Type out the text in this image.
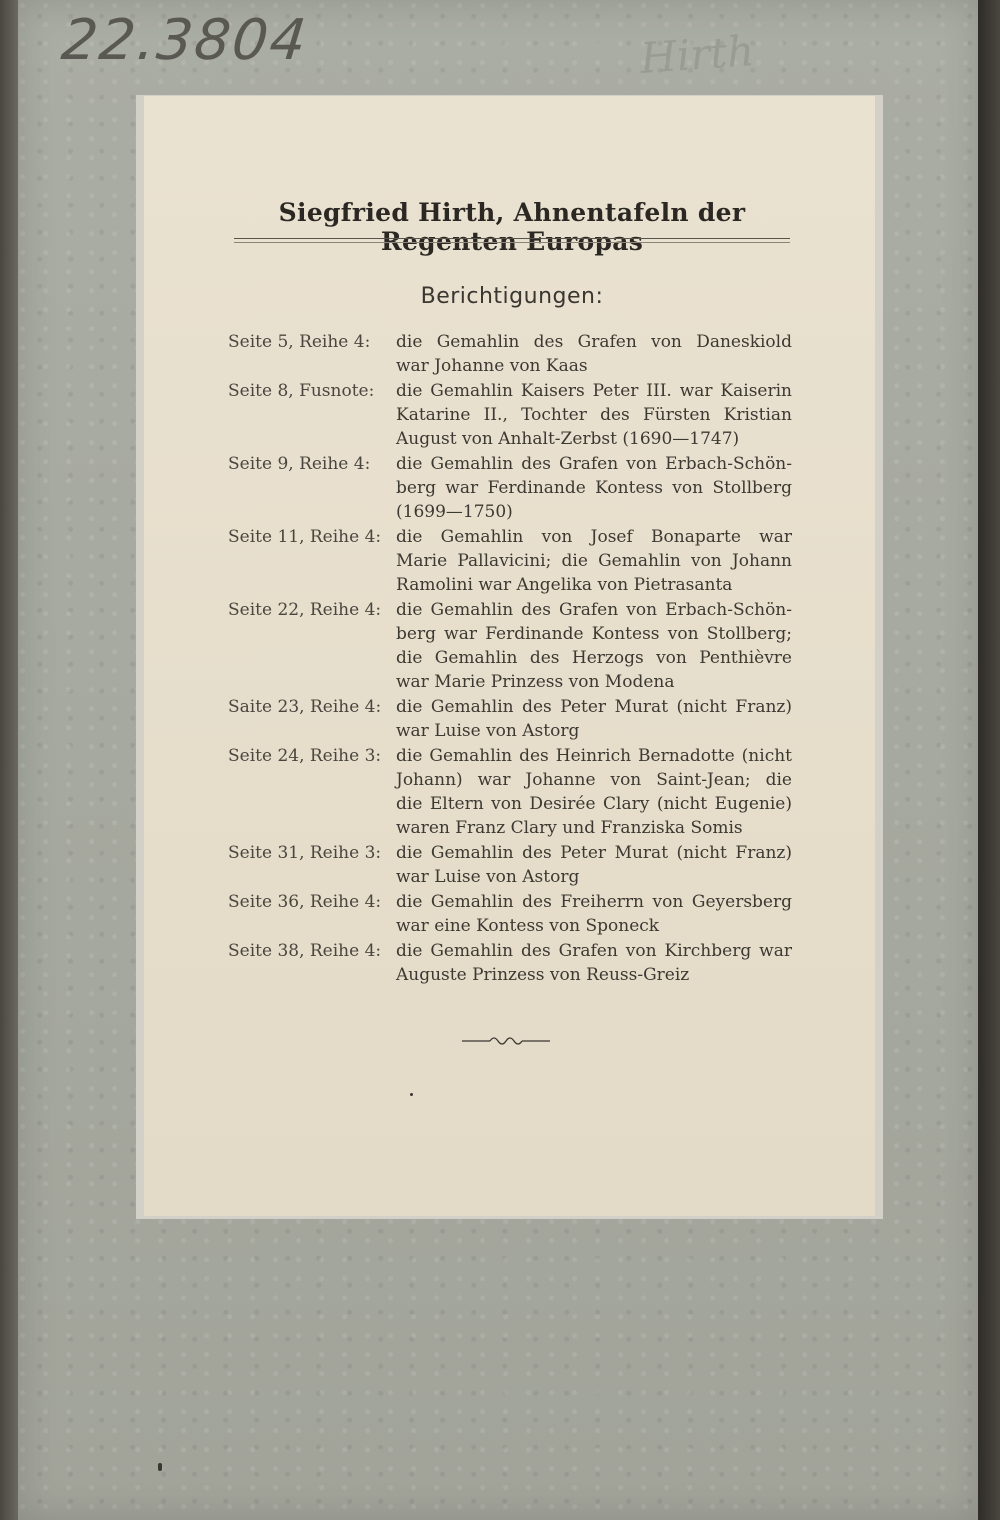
22.3804	Hirth
Siegfried Hirth, Ahnentafeln der Regenten Europas
Berichtigungen:
Seite 5, Reihe 4:	die Gemahlin des Grafen von Daneskiold
war Johanne von Kaas
Seite 8, Fusnote:	die Gemahlin Kaisers Peter III. war Kaiserin
Katarine II., Tochter des Fürsten Kristian
August von Anhalt-Zerbst (1690—1747)
Seite 9, Reihe 4:	die Gemahlin des Grafen von Erbach-Schön-
berg war Ferdinande Kontess von Stollberg
(1699—1750)
Seite 11, Reihe 4: die Gemahlin von Josef Bonaparte war
Marie Pallavicini; die Gemahlin von Johann
Ramolini war Angelika von Pietrasanta
Seite 22, Reihe 4: die Gemahlin des Grafen von Erbach-Schön-
berg war Ferdinande Kontess von Stollberg;
die Gemahlin des Herzogs von Penthièvre
war Marie Prinzess von Modena
Saite 23, Reihe 4: die Gemahlin des Peter Murat (nicht Franz)
war Luise von Astorg
Seite 24, Reihe 3: die Gemahlin des Heinrich Bernadotte (nicht
Johann) war Johanne von Saint-Jean; die
die Eltern von Desirée Clary (nicht Eugenie)
waren Franz Clary und Franziska Somis
Seite 31, Reihe 3: die Gemahlin des Peter Murat (nicht Franz)
war Luise von Astorg
Seite 36, Reihe 4: die Gemahlin des Freiherrn von Geyersberg
war eine Kontess von Sponeck
Seite 38, Reihe 4: die Gemahlin des Grafen von Kirchberg war
Auguste Prinzess von Reuss-Greiz
